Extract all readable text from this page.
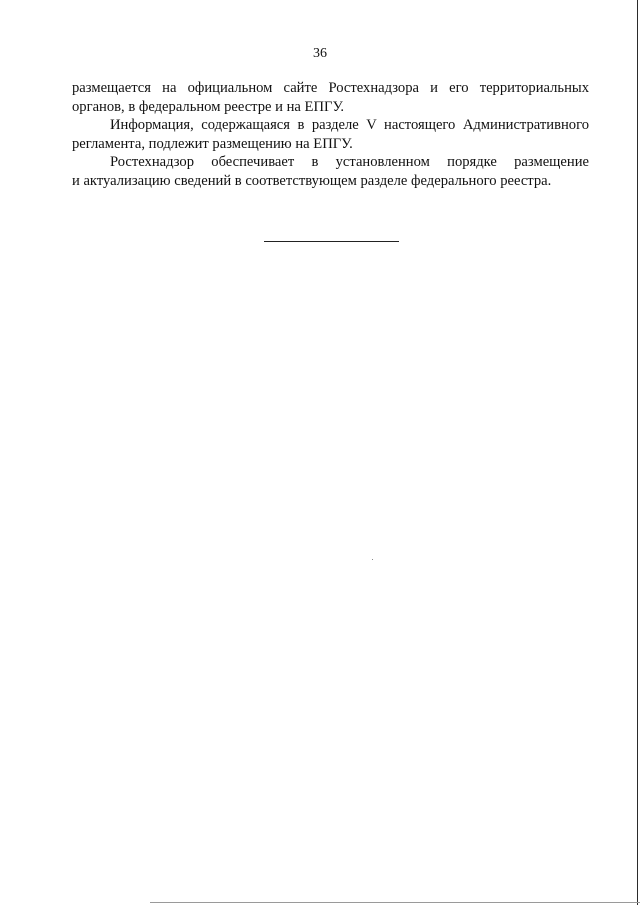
36

размещается на официальном сайте Ростехнадзора и его территориальных
органов, в федеральном реестре и на ЕПГУ.

Информация, содержащаяся в разделе V настоящего Административного
регламента, подлежит размещению на ЕПГУ.

Ростехнадзор обеспечивает в установленном порядке размещение
и актуализацию сведений в соответствующем разделе федерального реестра.
